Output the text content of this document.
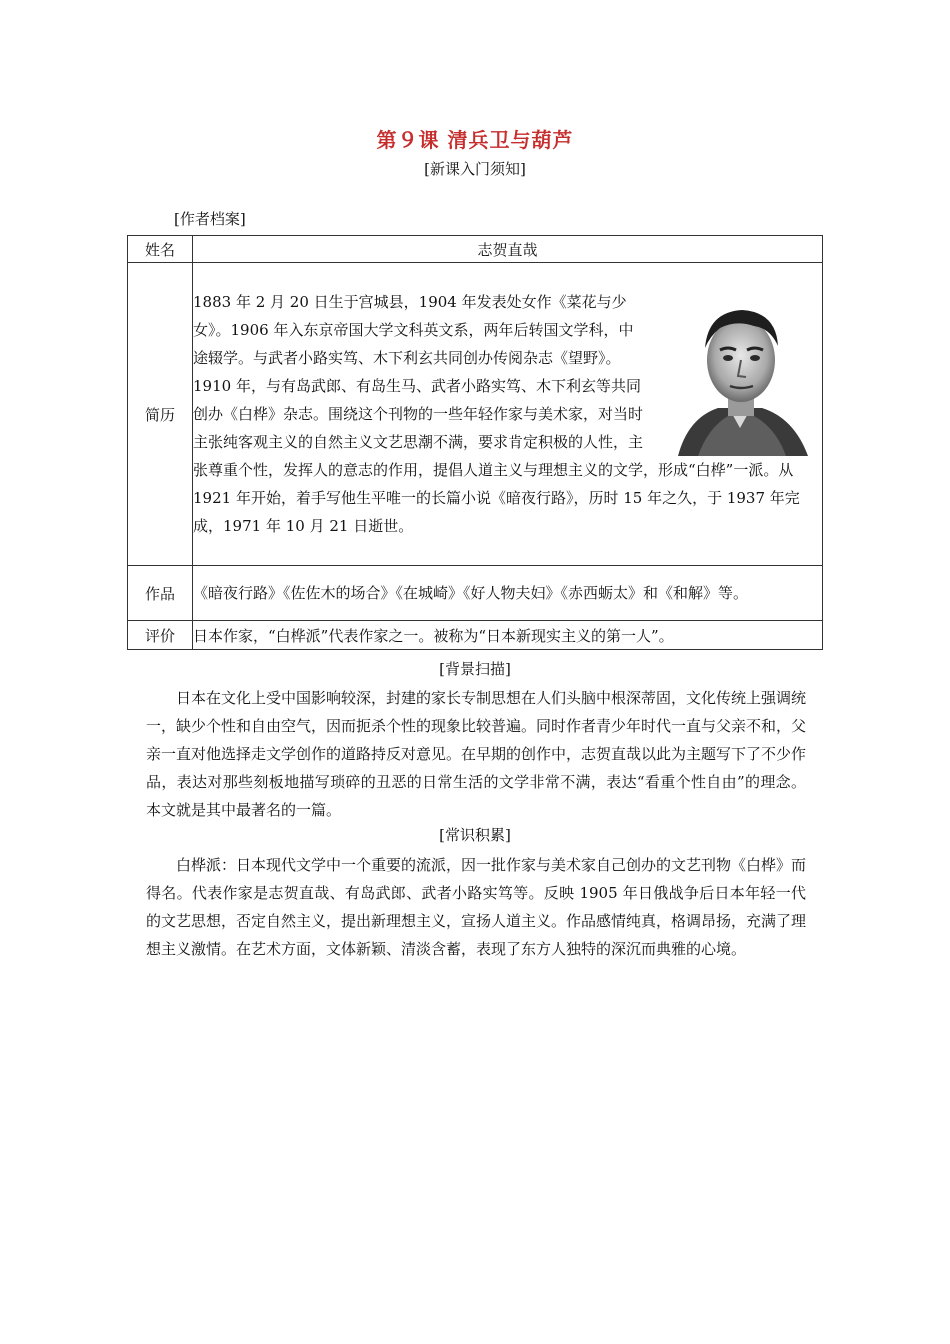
第９课 清兵卫与葫芦
[新课入门须知]
[作者档案]
姓名	志贺直哉
简历	1883 年 2 月 20 日生于宫城县，1904 年发表处女作《菜花与少女》。1906 年入东京帝国大学文科英文系，两年后转国文学科，中途辍学。与武者小路实笃、木下利玄共同创办传阅杂志《望野》。1910 年，与有岛武郎、有岛生马、武者小路实笃、木下利玄等共同创办《白桦》杂志。围绕这个刊物的一些年轻作家与美术家，对当时主张纯客观主义的自然主义文艺思潮不满，要求肯定积极的人性，主张尊重个性，发挥人的意志的作用，提倡人道主义与理想主义的文学，形成“白桦”一派。从 1921 年开始，着手写他生平唯一的长篇小说《暗夜行路》，历时 15 年之久，于 1937 年完成，1971 年 10 月 21 日逝世。
作品	《暗夜行路》《佐佐木的场合》《在城崎》《好人物夫妇》《赤西蛎太》和《和解》等。
评价	日本作家，“白桦派”代表作家之一。被称为“日本新现实主义的第一人”。
[背景扫描]

日本在文化上受中国影响较深，封建的家长专制思想在人们头脑中根深蒂固，文化传统上强调统一，缺少个性和自由空气，因而扼杀个性的现象比较普遍。同时作者青少年时代一直与父亲不和，父亲一直对他选择走文学创作的道路持反对意见。在早期的创作中，志贺直哉以此为主题写下了不少作品，表达对那些刻板地描写琐碎的丑恶的日常生活的文学非常不满，表达“看重个性自由”的理念。本文就是其中最著名的一篇。

[常识积累]

白桦派：日本现代文学中一个重要的流派，因一批作家与美术家自己创办的文艺刊物《白桦》而得名。代表作家是志贺直哉、有岛武郎、武者小路实笃等。反映 1905 年日俄战争后日本年轻一代的文艺思想，否定自然主义，提出新理想主义，宣扬人道主义。作品感情纯真，格调昂扬，充满了理想主义激情。在艺术方面，文体新颖、清淡含蓄，表现了东方人独特的深沉而典雅的心境。
